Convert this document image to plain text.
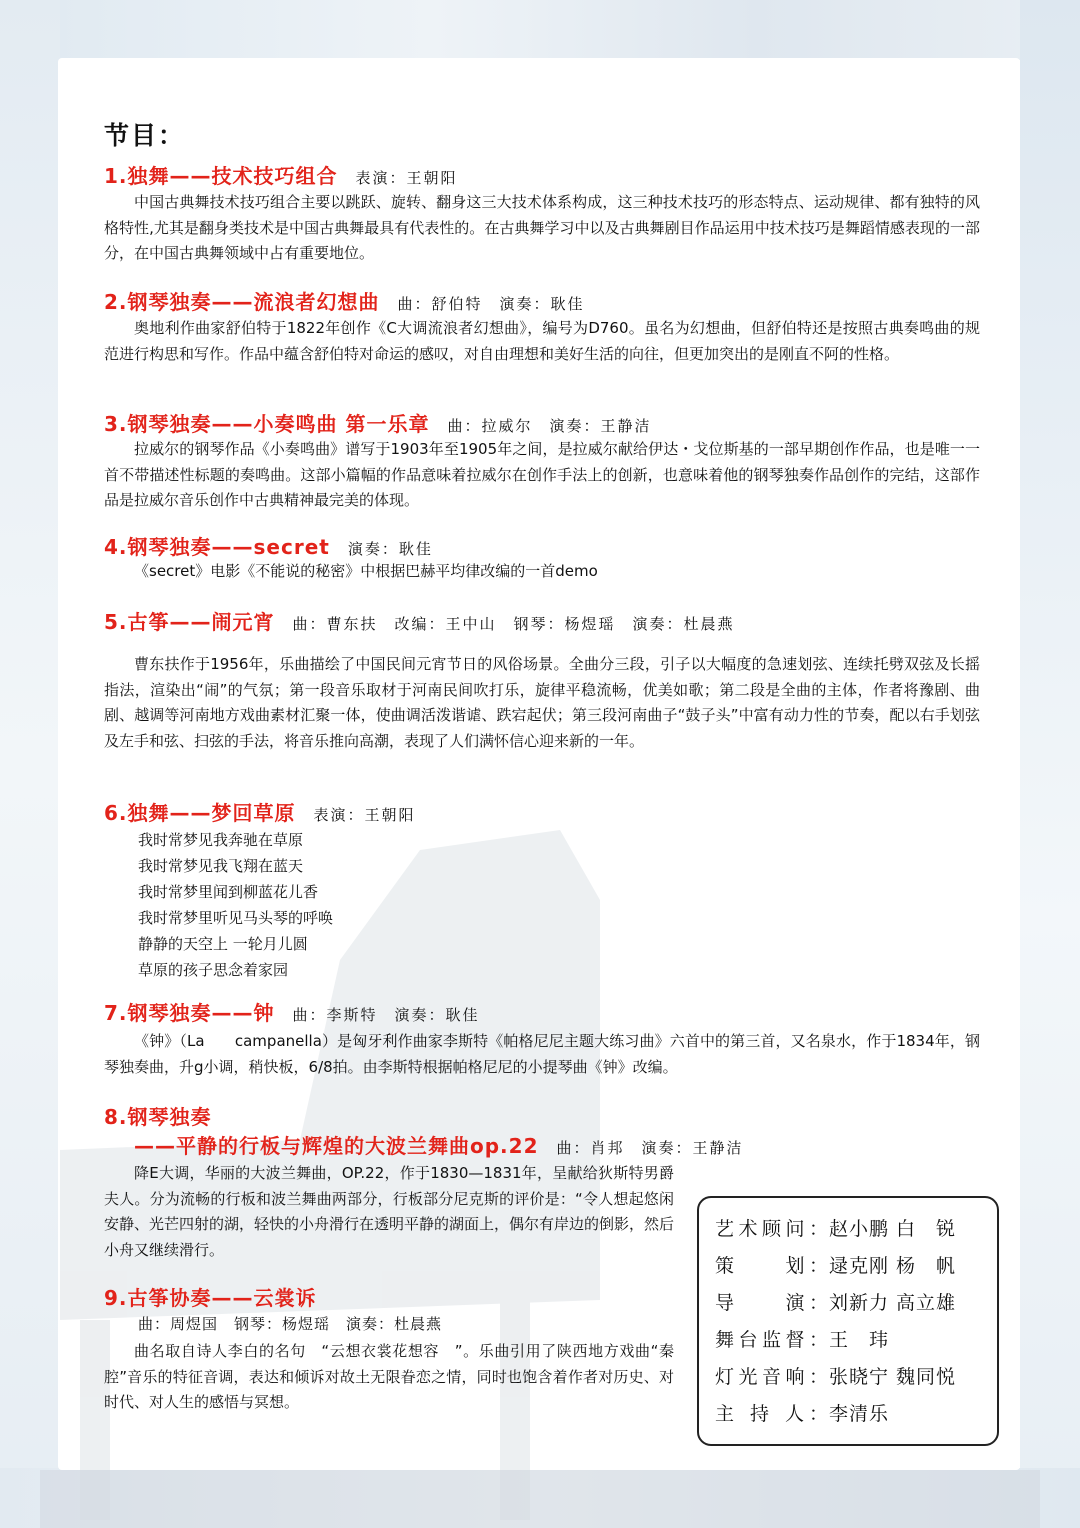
节目：
1.独舞——技术技巧组合 表演：王朝阳
中国古典舞技术技巧组合主要以跳跃、旋转、翻身这三大技术体系构成，这三种技术技巧的形态特点、运动规律、都有独特的风格特性,尤其是翻身类技术是中国古典舞最具有代表性的。在古典舞学习中以及古典舞剧目作品运用中技术技巧是舞蹈情感表现的一部分，在中国古典舞领域中占有重要地位。
2.钢琴独奏——流浪者幻想曲 曲：舒伯特　演奏：耿佳
奥地利作曲家舒伯特于1822年创作《C大调流浪者幻想曲》，编号为D760。虽名为幻想曲，但舒伯特还是按照古典奏鸣曲的规范进行构思和写作。作品中蕴含舒伯特对命运的感叹，对自由理想和美好生活的向往，但更加突出的是刚直不阿的性格。
3.钢琴独奏——小奏鸣曲 第一乐章 曲：拉威尔　演奏：王静洁
拉威尔的钢琴作品《小奏鸣曲》谱写于1903年至1905年之间，是拉威尔献给伊达・戈位斯基的一部早期创作作品，也是唯一一首不带描述性标题的奏鸣曲。这部小篇幅的作品意味着拉威尔在创作手法上的创新，也意味着他的钢琴独奏作品创作的完结，这部作品是拉威尔音乐创作中古典精神最完美的体现。
4.钢琴独奏——secret 演奏：耿佳
《secret》电影《不能说的秘密》中根据巴赫平均律改编的一首demo
5.古筝——闹元宵 曲：曹东扶　改编：王中山　钢琴：杨煜瑶　演奏：杜晨燕
曹东扶作于1956年，乐曲描绘了中国民间元宵节日的风俗场景。全曲分三段，引子以大幅度的急速划弦、连续托劈双弦及长摇指法，渲染出“闹”的气氛；第一段音乐取材于河南民间吹打乐，旋律平稳流畅，优美如歌；第二段是全曲的主体，作者将豫剧、曲剧、越调等河南地方戏曲素材汇聚一体，使曲调活泼谐谑、跌宕起伏；第三段河南曲子“鼓子头”中富有动力性的节奏，配以右手划弦及左手和弦、扫弦的手法，将音乐推向高潮，表现了人们满怀信心迎来新的一年。
6.独舞——梦回草原 表演：王朝阳
我时常梦见我奔驰在草原
我时常梦见我飞翔在蓝天
我时常梦里闻到柳蓝花儿香
我时常梦里听见马头琴的呼唤
静静的天空上 一轮月儿圆
草原的孩子思念着家园
7.钢琴独奏——钟 曲：李斯特　演奏：耿佳
《钟》（La　　campanella）是匈牙利作曲家李斯特《帕格尼尼主题大练习曲》六首中的第三首，又名泉水，作于1834年，钢琴独奏曲，升g小调，稍快板，6/8拍。由李斯特根据帕格尼尼的小提琴曲《钟》改编。
8.钢琴独奏
——平静的行板与辉煌的大波兰舞曲op.22 曲：肖邦　演奏：王静洁
降E大调，华丽的大波兰舞曲，OP.22，作于1830—1831年，呈献给狄斯特男爵夫人。分为流畅的行板和波兰舞曲两部分，行板部分尼克斯的评价是：“令人想起悠闲安静、光芒四射的湖，轻快的小舟滑行在透明平静的湖面上，偶尔有岸边的倒影，然后小舟又继续滑行。
9.古筝协奏——云裳诉
曲：周煜国　钢琴：杨煜瑶　演奏：杜晨燕
曲名取自诗人李白的名句　“云想衣裳花想容　”。乐曲引用了陕西地方戏曲“秦腔”音乐的特征音调，表达和倾诉对故土无限眷恋之情，同时也饱含着作者对历史、对时代、对人生的感悟与冥想。
艺术顾问：赵小鹏 白　锐
策　　划：逯克刚 杨　帆
导　　演：刘新力 高立雄
舞台监督：王　玮
灯光音响：张晓宁 魏同悦
主 持 人：李清乐
